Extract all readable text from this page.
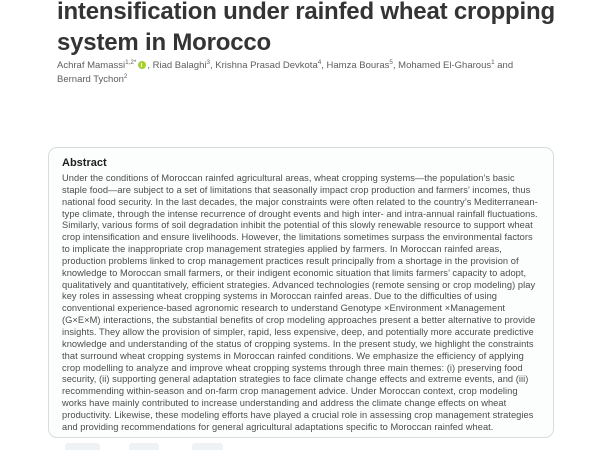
intensification under rainfed wheat cropping system in Morocco

Achraf Mamassi$^{1,2*}$ , Riad Balaghi$^3$, Krishna Prasad Devkota$^4$, Hamza Bouras$^5$, Mohamed El-Gharous$^1$ and Bernard Tychon$^2$

Abstract
Under the conditions of Moroccan rainfed agricultural areas, wheat cropping systems—the population’s basic staple food—are subject to a set of limitations that seasonally impact crop production and farmers’ incomes, thus national food security. In the last decades, the major constraints were often related to the country’s Mediterranean-type climate, through the intense recurrence of drought events and high inter- and intra-annual rainfall fluctuations. Similarly, various forms of soil degradation inhibit the potential of this slowly renewable resource to support wheat crop intensification and ensure livelihoods. However, the limitations sometimes surpass the environmental factors to implicate the inappropriate crop management strategies applied by farmers. In Moroccan rainfed areas, production problems linked to crop management practices result principally from a shortage in the provision of knowledge to Moroccan small farmers, or their indigent economic situation that limits farmers’ capacity to adopt, qualitatively and quantitatively, efficient strategies. Advanced technologies (remote sensing or crop modeling) play key roles in assessing wheat cropping systems in Moroccan rainfed areas. Due to the difficulties of using conventional experience-based agronomic research to understand Genotype ×Environment ×Management (G×E×M) interactions, the substantial benefits of crop modeling approaches present a better alternative to provide insights. They allow the provision of simpler, rapid, less expensive, deep, and potentially more accurate predictive knowledge and understanding of the status of cropping systems. In the present study, we highlight the constraints that surround wheat cropping systems in Moroccan rainfed conditions. We emphasize the efficiency of applying crop modelling to analyze and improve wheat cropping systems through three main themes: (i) preserving food security, (ii) supporting general adaptation strategies to face climate change effects and extreme events, and (iii) recommending within-season and on-farm crop management advice. Under Moroccan context, crop modeling works have mainly contributed to increase understanding and address the climate change effects on wheat productivity. Likewise, these modeling efforts have played a crucial role in assessing crop management strategies and providing recommendations for general agricultural adaptations specific to Moroccan rainfed wheat.
